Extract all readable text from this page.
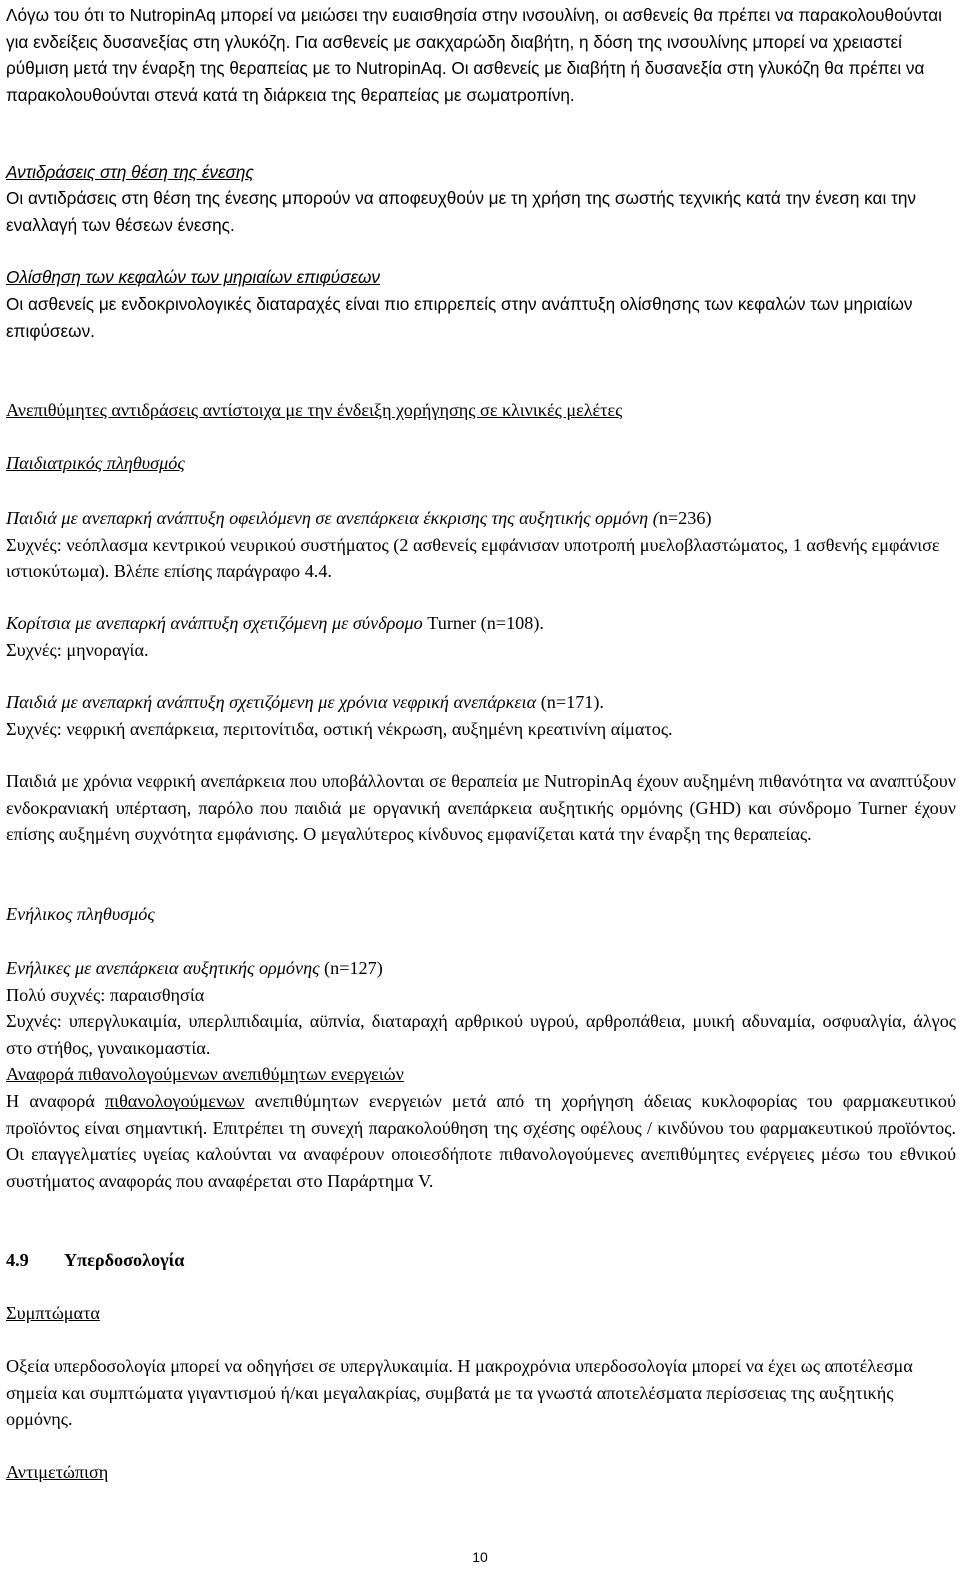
Λόγω του ότι το NutropinAq μπορεί να μειώσει την ευαισθησία στην ινσουλίνη, οι ασθενείς θα πρέπει να παρακολουθούνται για ενδείξεις δυσανεξίας στη γλυκόζη. Για ασθενείς με σακχαρώδη διαβήτη, η δόση της ινσουλίνης μπορεί να χρειαστεί ρύθμιση μετά την έναρξη της θεραπείας με το NutropinAq. Οι ασθενείς με διαβήτη ή δυσανεξία στη γλυκόζη θα πρέπει να παρακολουθούνται στενά κατά τη διάρκεια της θεραπείας με σωματροπίνη.

Αντιδράσεις στη θέση της ένεσης

Οι αντιδράσεις στη θέση της ένεσης μπορούν να αποφευχθούν με τη χρήση της σωστής τεχνικής κατά την ένεση και την εναλλαγή των θέσεων ένεσης.

Ολίσθηση των κεφαλών των μηριαίων επιφύσεων

Οι ασθενείς με ενδοκρινολογικές διαταραχές είναι πιο επιρρεπείς στην ανάπτυξη ολίσθησης των κεφαλών των μηριαίων επιφύσεων.

Ανεπιθύμητες αντιδράσεις αντίστοιχα με την ένδειξη χορήγησης σε κλινικές μελέτες

Παιδιατρικός πληθυσμός

Παιδιά με ανεπαρκή ανάπτυξη οφειλόμενη σε ανεπάρκεια έκκρισης της αυξητικής ορμόνη (n=236)
Συχνές: νεόπλασμα κεντρικού νευρικού συστήματος (2 ασθενείς εμφάνισαν υποτροπή μυελοβλαστώματος, 1 ασθενής εμφάνισε ιστιοκύτωμα). Βλέπε επίσης παράγραφο 4.4.

Κορίτσια με ανεπαρκή ανάπτυξη σχετιζόμενη με σύνδρομο Turner (n=108).
Συχνές: μηνοραγία.

Παιδιά με ανεπαρκή ανάπτυξη σχετιζόμενη με χρόνια νεφρική ανεπάρκεια (n=171).
Συχνές: νεφρική ανεπάρκεια, περιτονίτιδα, οστική νέκρωση, αυξημένη κρεατινίνη αίματος.

Παιδιά με χρόνια νεφρική ανεπάρκεια που υποβάλλονται σε θεραπεία με NutropinAq έχουν αυξημένη πιθανότητα να αναπτύξουν ενδοκρανιακή υπέρταση, παρόλο που παιδιά με οργανική ανεπάρκεια αυξητικής ορμόνης (GHD) και σύνδρομο Turner έχουν επίσης αυξημένη συχνότητα εμφάνισης. Ο μεγαλύτερος κίνδυνος εμφανίζεται κατά την έναρξη της θεραπείας.

Ενήλικος πληθυσμός

Ενήλικες με ανεπάρκεια αυξητικής ορμόνης (n=127)
Πολύ συχνές: παραισθησία

Συχνές: υπεργλυκαιμία, υπερλιπιδαιμία, αϋπνία, διαταραχή αρθρικού υγρού, αρθροπάθεια, μυική αδυναμία, οσφυαλγία, άλγος στο στήθος, γυναικομαστία.

Αναφορά πιθανολογούμενων ανεπιθύμητων ενεργειών

Η αναφορά πιθανολογούμενων ανεπιθύμητων ενεργειών μετά από τη χορήγηση άδειας κυκλοφορίας του φαρμακευτικού προϊόντος είναι σημαντική. Επιτρέπει τη συνεχή παρακολούθηση της σχέσης οφέλους / κινδύνου του φαρμακευτικού προϊόντος. Οι επαγγελματίες υγείας καλούνται να αναφέρουν οποιεσδήποτε πιθανολογούμενες ανεπιθύμητες ενέργειες μέσω του εθνικού συστήματος αναφοράς που αναφέρεται στο Παράρτημα V.

4.9 Υπερδοσολογία

Συμπτώματα

Οξεία υπερδοσολογία μπορεί να οδηγήσει σε υπεργλυκαιμία. Η μακροχρόνια υπερδοσολογία μπορεί να έχει ως αποτέλεσμα σημεία και συμπτώματα γιγαντισμού ή/και μεγαλακρίας, συμβατά με τα γνωστά αποτελέσματα περίσσειας της αυξητικής ορμόνης.

Αντιμετώπιση

10
